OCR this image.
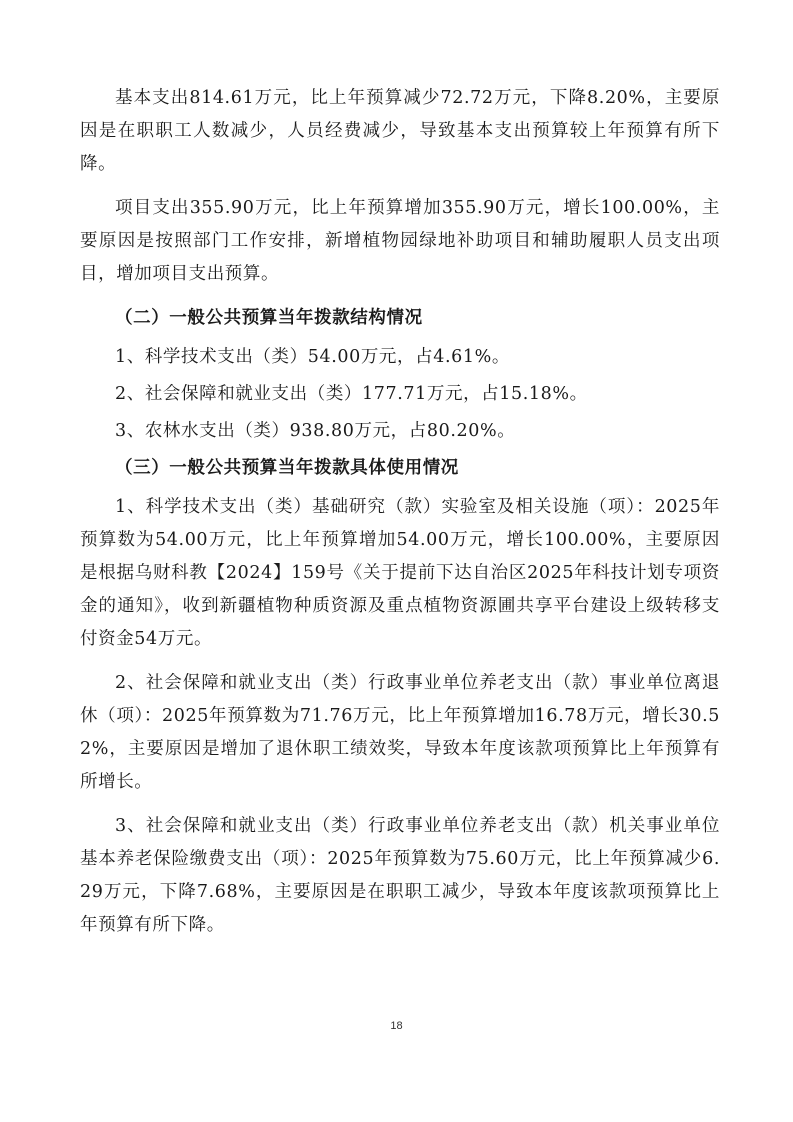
基本支出814.61万元，比上年预算减少72.72万元，下降8.20%，主要原因是在职职工人数减少，人员经费减少，导致基本支出预算较上年预算有所下降。

项目支出355.90万元，比上年预算增加355.90万元，增长100.00%，主要原因是按照部门工作安排，新增植物园绿地补助项目和辅助履职人员支出项目，增加项目支出预算。

（二）一般公共预算当年拨款结构情况

1、科学技术支出（类）54.00万元，占4.61%。

2、社会保障和就业支出（类）177.71万元，占15.18%。

3、农林水支出（类）938.80万元，占80.20%。

（三）一般公共预算当年拨款具体使用情况

1、科学技术支出（类）基础研究（款）实验室及相关设施（项）：2025年预算数为54.00万元，比上年预算增加54.00万元，增长100.00%，主要原因是根据乌财科教【2024】159号《关于提前下达自治区2025年科技计划专项资金的通知》，收到新疆植物种质资源及重点植物资源圃共享平台建设上级转移支付资金54万元。

2、社会保障和就业支出（类）行政事业单位养老支出（款）事业单位离退休（项）：2025年预算数为71.76万元，比上年预算增加16.78万元，增长30.52%，主要原因是增加了退休职工绩效奖，导致本年度该款项预算比上年预算有所增长。

3、社会保障和就业支出（类）行政事业单位养老支出（款）机关事业单位基本养老保险缴费支出（项）：2025年预算数为75.60万元，比上年预算减少6.29万元，下降7.68%，主要原因是在职职工减少，导致本年度该款项预算比上年预算有所下降。

18
